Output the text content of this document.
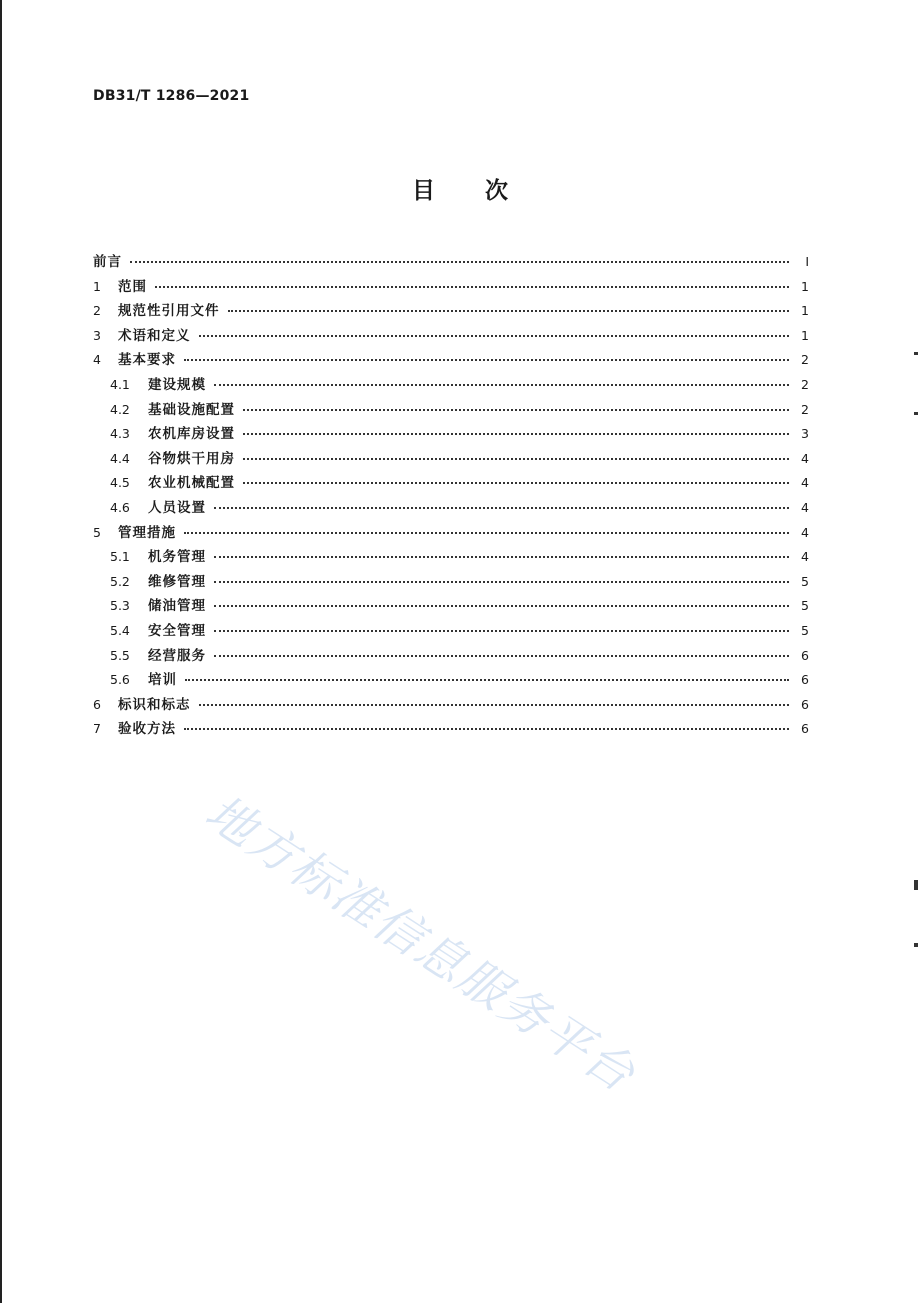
DB31/T 1286—2021
目次
前言	I
1	范围	1
2	规范性引用文件	1
3	术语和定义	1
4	基本要求	2
4.1	建设规模	2
4.2	基础设施配置	2
4.3	农机库房设置	3
4.4	谷物烘干用房	4
4.5	农业机械配置	4
4.6	人员设置	4
5	管理措施	4
5.1	机务管理	4
5.2	维修管理	5
5.3	储油管理	5
5.4	安全管理	5
5.5	经营服务	6
5.6	培训	6
6	标识和标志	6
7	验收方法	6
地方标准信息服务平台
